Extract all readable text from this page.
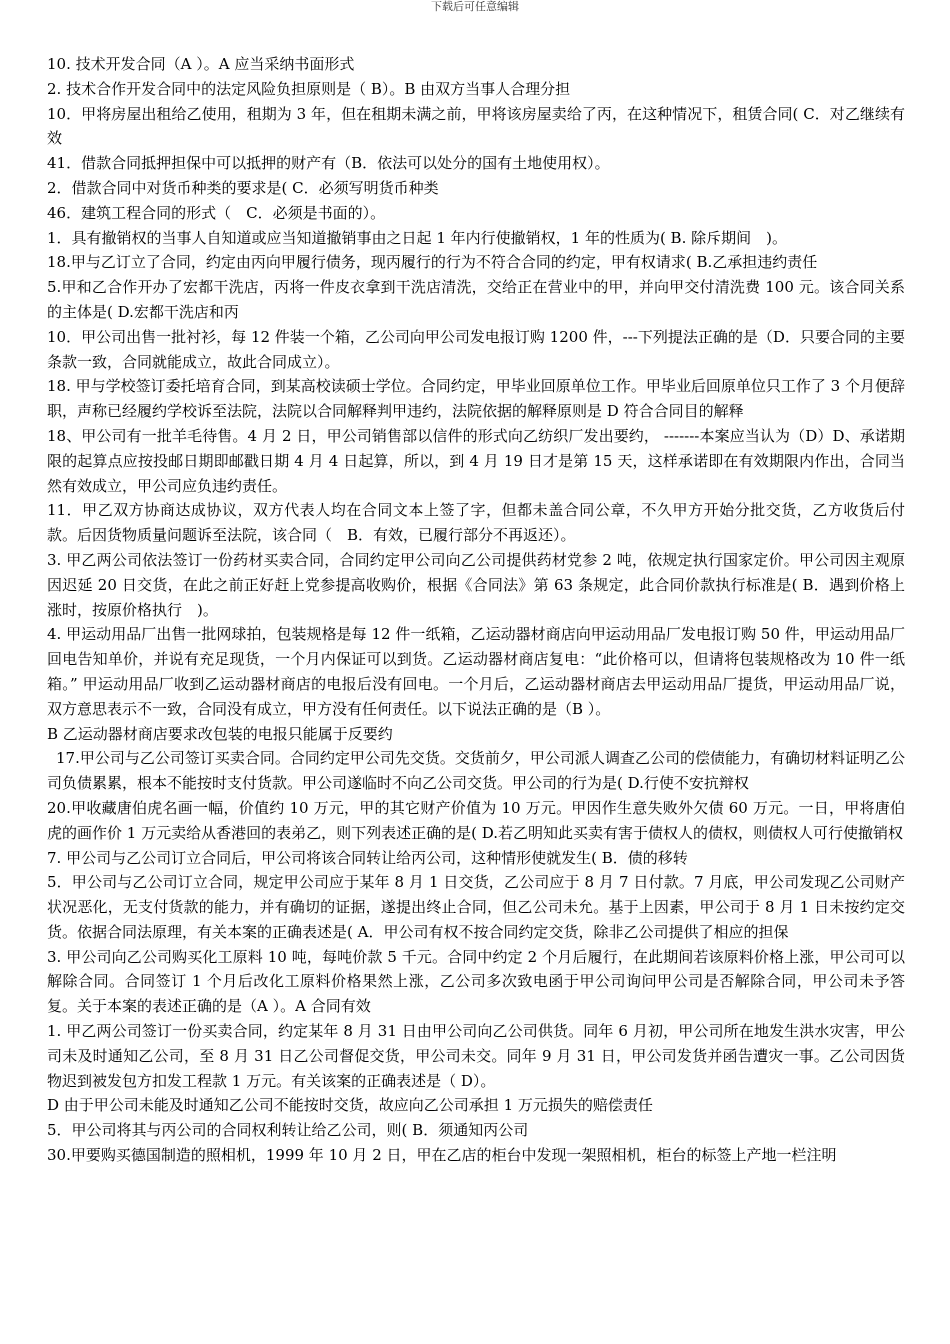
下载后可任意编辑

10. 技术开发合同（A ）。A 应当采纳书面形式

2. 技术合作开发合同中的法定风险负担原则是（ B）。B 由双方当事人合理分担

10．甲将房屋出租给乙使用，租期为 3 年，但在租期未满之前，甲将该房屋卖给了丙，在这种情况下，租赁合同( C．对乙继续有效

41．借款合同抵押担保中可以抵押的财产有（B．依法可以处分的国有土地使用权）。

2．借款合同中对货币种类的要求是( C．必须写明货币种类

46．建筑工程合同的形式（　C．必须是书面的）。

1．具有撤销权的当事人自知道或应当知道撤销事由之日起 1 年内行使撤销权，1 年的性质为( B. 除斥期间　)。

18.甲与乙订立了合同，约定由丙向甲履行债务，现丙履行的行为不符合合同的约定，甲有权请求( B.乙承担违约责任

5.甲和乙合作开办了宏都干洗店，丙将一件皮衣拿到干洗店清洗，交给正在营业中的甲，并向甲交付清洗费 100 元。该合同关系的主体是( D.宏都干洗店和丙

10．甲公司出售一批衬衫，每 12 件装一个箱，乙公司向甲公司发电报订购 1200 件，---下列提法正确的是（D．只要合同的主要条款一致，合同就能成立，故此合同成立）。

18. 甲与学校签订委托培育合同，到某高校读硕士学位。合同约定，甲毕业回原单位工作。甲毕业后回原单位只工作了 3 个月便辞职，声称已经履约学校诉至法院，法院以合同解释判甲违约，法院依据的解释原则是 D 符合合同目的解释

18、甲公司有一批羊毛待售。4 月 2 日，甲公司销售部以信件的形式向乙纺织厂发出要约， -------本案应当认为（D）D、承诺期限的起算点应按投邮日期即邮戳日期 4 月 4 日起算，所以，到 4 月 19 日才是第 15 天，这样承诺即在有效期限内作出，合同当然有效成立，甲公司应负违约责任。

11．甲乙双方协商达成协议，双方代表人均在合同文本上签了字，但都未盖合同公章，不久甲方开始分批交货，乙方收货后付款。后因货物质量问题诉至法院，该合同（　B．有效，已履行部分不再返还）。

3. 甲乙两公司依法签订一份药材买卖合同，合同约定甲公司向乙公司提供药材党参 2 吨，依规定执行国家定价。甲公司因主观原因迟延 20 日交货，在此之前正好赶上党参提高收购价，根据《合同法》第 63 条规定，此合同价款执行标准是( B．遇到价格上涨时，按原价格执行　)。

4. 甲运动用品厂出售一批网球拍，包装规格是每 12 件一纸箱，乙运动器材商店向甲运动用品厂发电报订购 50 件，甲运动用品厂回电告知单价，并说有充足现货，一个月内保证可以到货。乙运动器材商店复电：“此价格可以，但请将包装规格改为 10 件一纸箱。” 甲运动用品厂收到乙运动器材商店的电报后没有回电。一个月后，乙运动器材商店去甲运动用品厂提货，甲运动用品厂说，双方意思表示不一致，合同没有成立，甲方没有任何责任。以下说法正确的是（B ）。

B 乙运动器材商店要求改包装的电报只能属于反要约

17.甲公司与乙公司签订买卖合同。合同约定甲公司先交货。交货前夕，甲公司派人调查乙公司的偿债能力，有确切材料证明乙公司负债累累，根本不能按时支付货款。甲公司遂临时不向乙公司交货。甲公司的行为是( D.行使不安抗辩权

20.甲收藏唐伯虎名画一幅，价值约 10 万元，甲的其它财产价值为 10 万元。甲因作生意失败外欠债 60 万元。一日，甲将唐伯虎的画作价 1 万元卖给从香港回的表弟乙，则下列表述正确的是( D.若乙明知此买卖有害于债权人的债权，则债权人可行使撤销权

7. 甲公司与乙公司订立合同后，甲公司将该合同转让给丙公司，这种情形使就发生( B．债的移转

5．甲公司与乙公司订立合同，规定甲公司应于某年 8 月 1 日交货，乙公司应于 8 月 7 日付款。7 月底，甲公司发现乙公司财产状况恶化，无支付货款的能力，并有确切的证据，遂提出终止合同，但乙公司未允。基于上因素，甲公司于 8 月 1 日未按约定交货。依据合同法原理，有关本案的正确表述是( A．甲公司有权不按合同约定交货，除非乙公司提供了相应的担保

3. 甲公司向乙公司购买化工原料 10 吨，每吨价款 5 千元。合同中约定 2 个月后履行，在此期间若该原料价格上涨，甲公司可以解除合同。合同签订 1 个月后改化工原料价格果然上涨，乙公司多次致电函于甲公司询问甲公司是否解除合同，甲公司未予答复。关于本案的表述正确的是（A ）。A 合同有效

1. 甲乙两公司签订一份买卖合同，约定某年 8 月 31 日由甲公司向乙公司供货。同年 6 月初，甲公司所在地发生洪水灾害，甲公司未及时通知乙公司，至 8 月 31 日乙公司督促交货，甲公司未交。同年 9 月 31 日，甲公司发货并函告遭灾一事。乙公司因货物迟到被发包方扣发工程款 1 万元。有关该案的正确表述是（ D）。

D 由于甲公司未能及时通知乙公司不能按时交货，故应向乙公司承担 1 万元损失的赔偿责任

5．甲公司将其与丙公司的合同权利转让给乙公司，则( B．须通知丙公司

30.甲要购买德国制造的照相机，1999 年 10 月 2 日，甲在乙店的柜台中发现一架照相机，柜台的标签上产地一栏注明
